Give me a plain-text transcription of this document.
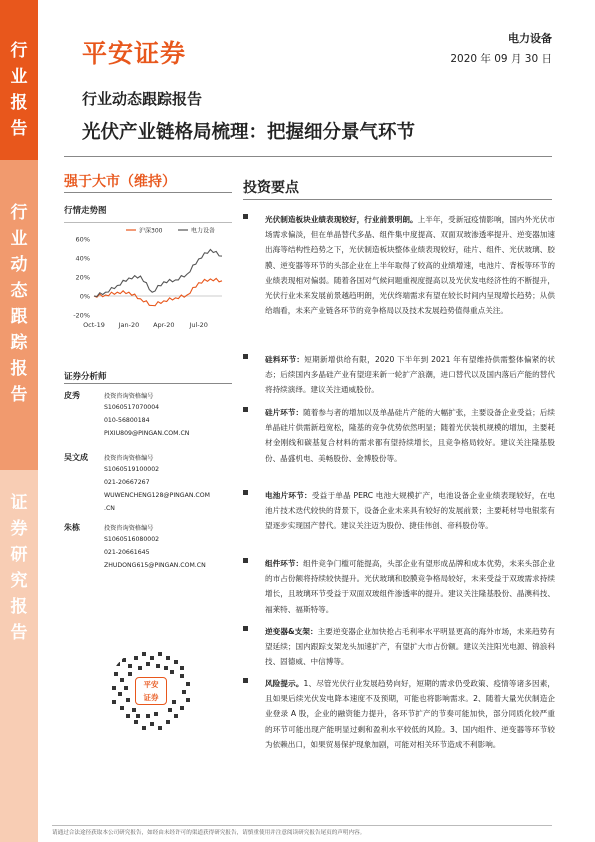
行
业
报
告
行
业
动
态
跟
踪
报
告
证
券
研
究
报
告
平安证券
电力设备
2020 年 09 月 30 日
行业动态跟踪报告
光伏产业链格局梳理：把握细分景气环节
强于大市（维持）
行情走势图
60%
40%
20%
0%
-20%
Oct-19 Jan-20 Apr-20 Jul-20
沪深300	电力设备
证券分析师
皮秀	投资咨询资格编号
S1060517070004
010-56800184
PIXIU809@PINGAN.COM.CN
吴文成	投资咨询资格编号
S1060519100002
021-20667267
WUWENCHENG128@PINGAN.COM
.CN
朱栋	投资咨询资格编号
S1060516080002
021-20661645
ZHUDONG615@PINGAN.COM.CN
平安
证券
投资要点

光伏制造板块业绩表现较好，行业前景明朗。上半年，受新冠疫情影响，国内外光伏市场需求偏淡，但在单晶替代多晶、组件集中度提高、双面双玻渗透率提升、逆变器加速出海等结构性趋势之下，光伏制造板块整体业绩表现较好，硅片、组件、光伏玻璃、胶膜、逆变器等环节的头部企业在上半年取得了较高的业绩增速，电池片、背板等环节的业绩表现相对偏弱。随着各国对气候问题重视度提高以及光伏发电经济性的不断提升，光伏行业未来发展前景越趋明朗，光伏终端需求有望在较长时间内呈现增长趋势；从供给端看，未来产业链各环节的竞争格局以及技术发展趋势值得重点关注。

硅料环节：短期新增供给有限，2020 下半年到 2021 年有望维持供需整体偏紧的状态；后续国内多晶硅产业有望迎来新一轮扩产浪潮，进口替代以及国内落后产能的替代将持续演绎。建议关注通威股份。

硅片环节：随着参与者的增加以及单晶硅片产能的大幅扩张，主要设备企业受益；后续单晶硅片供需新趋宽松，隆基的竞争优势依然明显；随着光伏装机规模的增加，主要耗材金刚线和碳基复合材料的需求都有望持续增长，且竞争格局较好。建议关注隆基股份、晶盛机电、美畅股份、金博股份等。

电池片环节：受益于单晶 PERC 电池大规模扩产，电池设备企业业绩表现较好，在电池片技术迭代较快的背景下，设备企业未来具有较好的发展前景；主要耗材导电银浆有望逐步实现国产替代。建议关注迈为股份、捷佳伟创、帝科股份等。

组件环节：组件竞争门槛可能提高，头部企业有望形成品牌和成本优势，未来头部企业的市占份额将持续较快提升。光伏玻璃和胶膜竞争格局较好，未来受益于双玻需求持续增长，且玻璃环节受益于双面双玻组件渗透率的提升。建议关注隆基股份、晶澳科技、福莱特、福斯特等。

逆变器&支架：主要逆变器企业加快抢占毛利率水平明显更高的海外市场，未来趋势有望延续；国内跟踪支架龙头加速扩产，有望扩大市占份额。建议关注阳光电源、锦浪科技、固德威、中信博等。

风险提示。1、尽管光伏行业发展趋势向好，短期的需求仍受政策、疫情等诸多因素，且如果后续光伏发电降本速度不及预期，可能也将影响需求。2、随着大量光伏制造企业登录 A 股，企业的融资能力提升，各环节扩产的节奏可能加快，部分同质化较严重的环节可能出现产能明显过剩和盈利水平较低的风险。3、国内组件、逆变器等环节较为依赖出口，如果贸易保护现象加剧，可能对相关环节造成不利影响。

请通过合法途径获取本公司研究报告，如经由未经许可的渠道获得研究报告，请慎重使用并注意阅读研究报告尾页的声明内容。
